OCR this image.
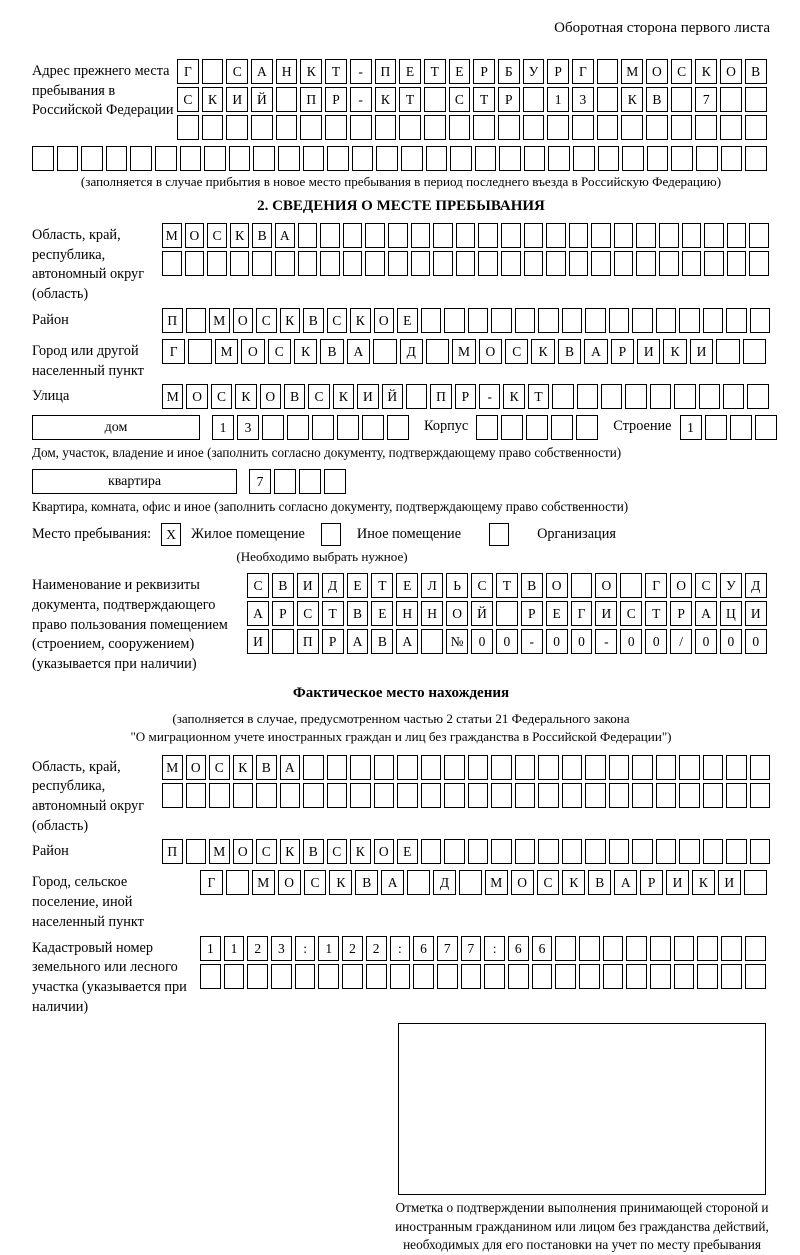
Оборотная сторона первого листа
Адрес прежнего места пребывания в Российской Федерации
Г	С	А	Н	К	Т	-	П	Е	Т	Е	Р	Б	У	Р	Г	М	О	С	К	О	В
С	К	И	Й	П	Р	-	К	Т	С	Т	Р	1	3	К	В	7
(заполняется в случае прибытия в новое место пребывания в период последнего въезда в Российскую Федерацию)
2. СВЕДЕНИЯ О МЕСТЕ ПРЕБЫВАНИЯ
Область, край, республика, автономный округ (область)
М О С	К	В А
Район	П	М О	С	К	В	С	К	О	Е
Город или другой населенный пункт
Г	М	О	С	К	В	А	Д	М	О	С	К	В	А	Р	И	К	И
Улица	М	О	С	К	О	В	С	К	И	Й	П	Р	-	К	Т
дом	1	3	Корпус	Строение	1
Дом, участок, владение и иное (заполнить согласно документу, подтверждающему право собственности)
квартира	7
Квартира, комната, офис и иное (заполнить согласно документу, подтверждающему право собственности)
Место пребывания:	X	Жилое помещение	Иное помещение	Организация
(Необходимо выбрать нужное)
Наименование и реквизиты документа, подтверждающего право пользования помещением (строением, сооружением) (указывается при наличии)
С	В	И	Д	Е	Т	Е	Л	Ь	С	Т	В	О	О	Г	О	С	У	Д
А	Р	С	Т	В	Е	Н	Н	О	Й	Р	Е	Г	И	С	Т	Р	А	Ц	И
И	П	Р	А	В	А	№	0	0	-	0	0	-	0	0	/	0	0	0
Фактическое место нахождения
(заполняется в случае, предусмотренном частью 2 статьи 21 Федерального закона
"О миграционном учете иностранных граждан и лиц без гражданства в Российской Федерации")
Область, край, республика, автономный округ (область)
М О	С	К	В	А
Район	П	М О	С	К	В	С	К	О	Е
Город, сельское поселение, иной населенный пункт
Г	М	О	С	К	В	А	Д	М	О	С	К	В	А	Р	И	К	И
Кадастровый номер земельного или лесного участка (указывается при наличии)
1	1	2	3	:	1	2	2	:	6	7	7	:	6	6
Отметка о подтверждении выполнения принимающей стороной и иностранным гражданином или лицом без гражданства действий, необходимых для его постановки на учет по месту пребывания
